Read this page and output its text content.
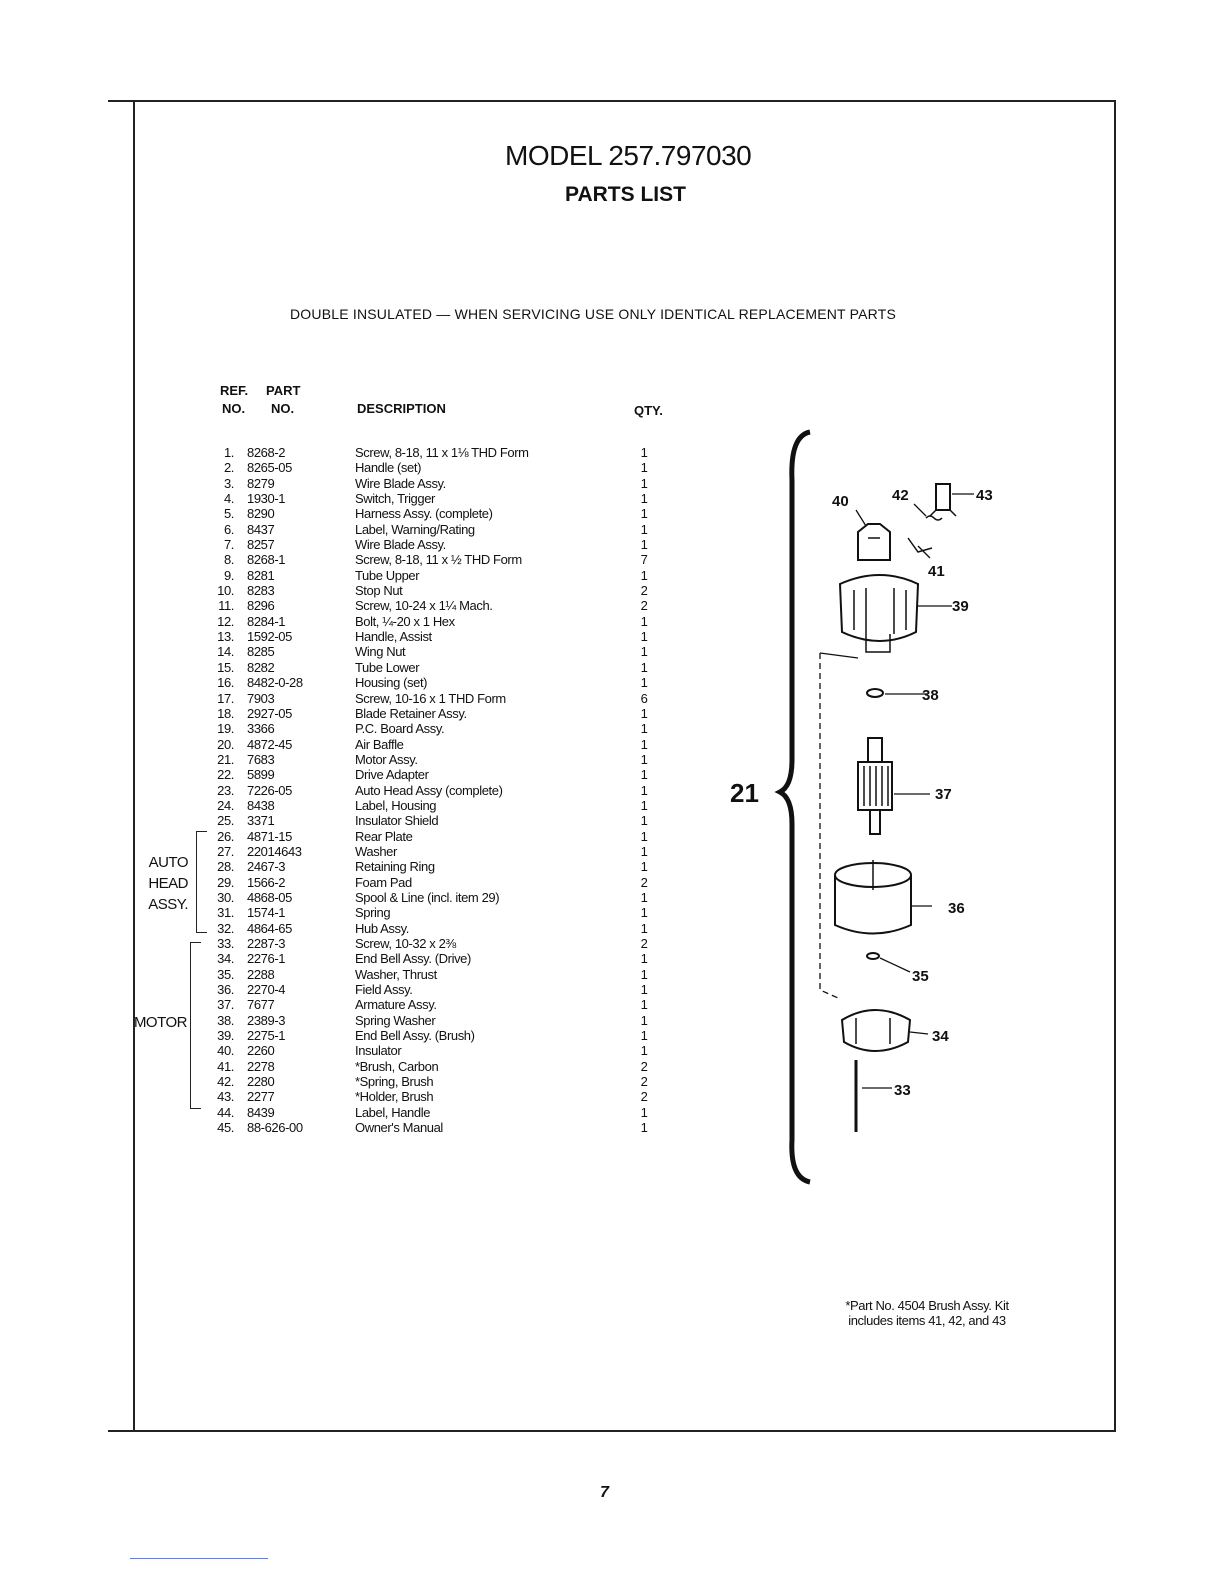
MODEL 257.797030
PARTS LIST
DOUBLE INSULATED — WHEN SERVICING USE ONLY IDENTICAL REPLACEMENT PARTS
REF.
NO.
PART
NO.	DESCRIPTION	QTY.
1. 8268-2	Screw, 8-18, 11 x 1⅛ THD Form	1
2. 8265-05	Handle (set)	1
3. 8279	Wire Blade Assy.	1
4. 1930-1	Switch, Trigger	1
5. 8290	Harness Assy. (complete)	1
6. 8437	Label, Warning/Rating	1
7. 8257	Wire Blade Assy.	1
8. 8268-1	Screw, 8-18, 11 x ½ THD Form	7
9. 8281	Tube Upper	1
10. 8283	Stop Nut	2
11. 8296	Screw, 10-24 x 1¼ Mach.	2
12. 8284-1	Bolt, ¼-20 x 1 Hex	1
13. 1592-05	Handle, Assist	1
14. 8285	Wing Nut	1
15. 8282	Tube Lower	1
16. 8482-0-28	Housing (set)	1
17. 7903	Screw, 10-16 x 1 THD Form	6
18. 2927-05	Blade Retainer Assy.	1
19. 3366	P.C. Board Assy.	1
20. 4872-45	Air Baffle	1
21. 7683	Motor Assy.	1
22. 5899	Drive Adapter	1
23. 7226-05	Auto Head Assy (complete)	1
24. 8438	Label, Housing	1
25. 3371	Insulator Shield	1
26. 4871-15	Rear Plate	1
27. 22014643	Washer	1
28. 2467-3	Retaining Ring	1
29. 1566-2	Foam Pad	2
30. 4868-05	Spool & Line (incl. item 29)	1
31. 1574-1	Spring	1
32. 4864-65	Hub Assy.	1
33. 2287-3	Screw, 10-32 x 2⅜	2
34. 2276-1	End Bell Assy. (Drive)	1
35. 2288	Washer, Thrust	1
36. 2270-4	Field Assy.	1
37. 7677	Armature Assy.	1
38. 2389-3	Spring Washer	1
39. 2275-1	End Bell Assy. (Brush)	1
40. 2260	Insulator	1
41. 2278	*Brush, Carbon	2
42. 2280	*Spring, Brush	2
43. 2277	*Holder, Brush	2
44. 8439	Label, Handle	1
45. 88-626-00	Owner's Manual	1
AUTO
HEAD
ASSY.
MOTOR
21
40	42	43
41
39
38
37
36
35
34
33
*Part No. 4504 Brush Assy. Kit
includes items 41, 42, and 43
7
